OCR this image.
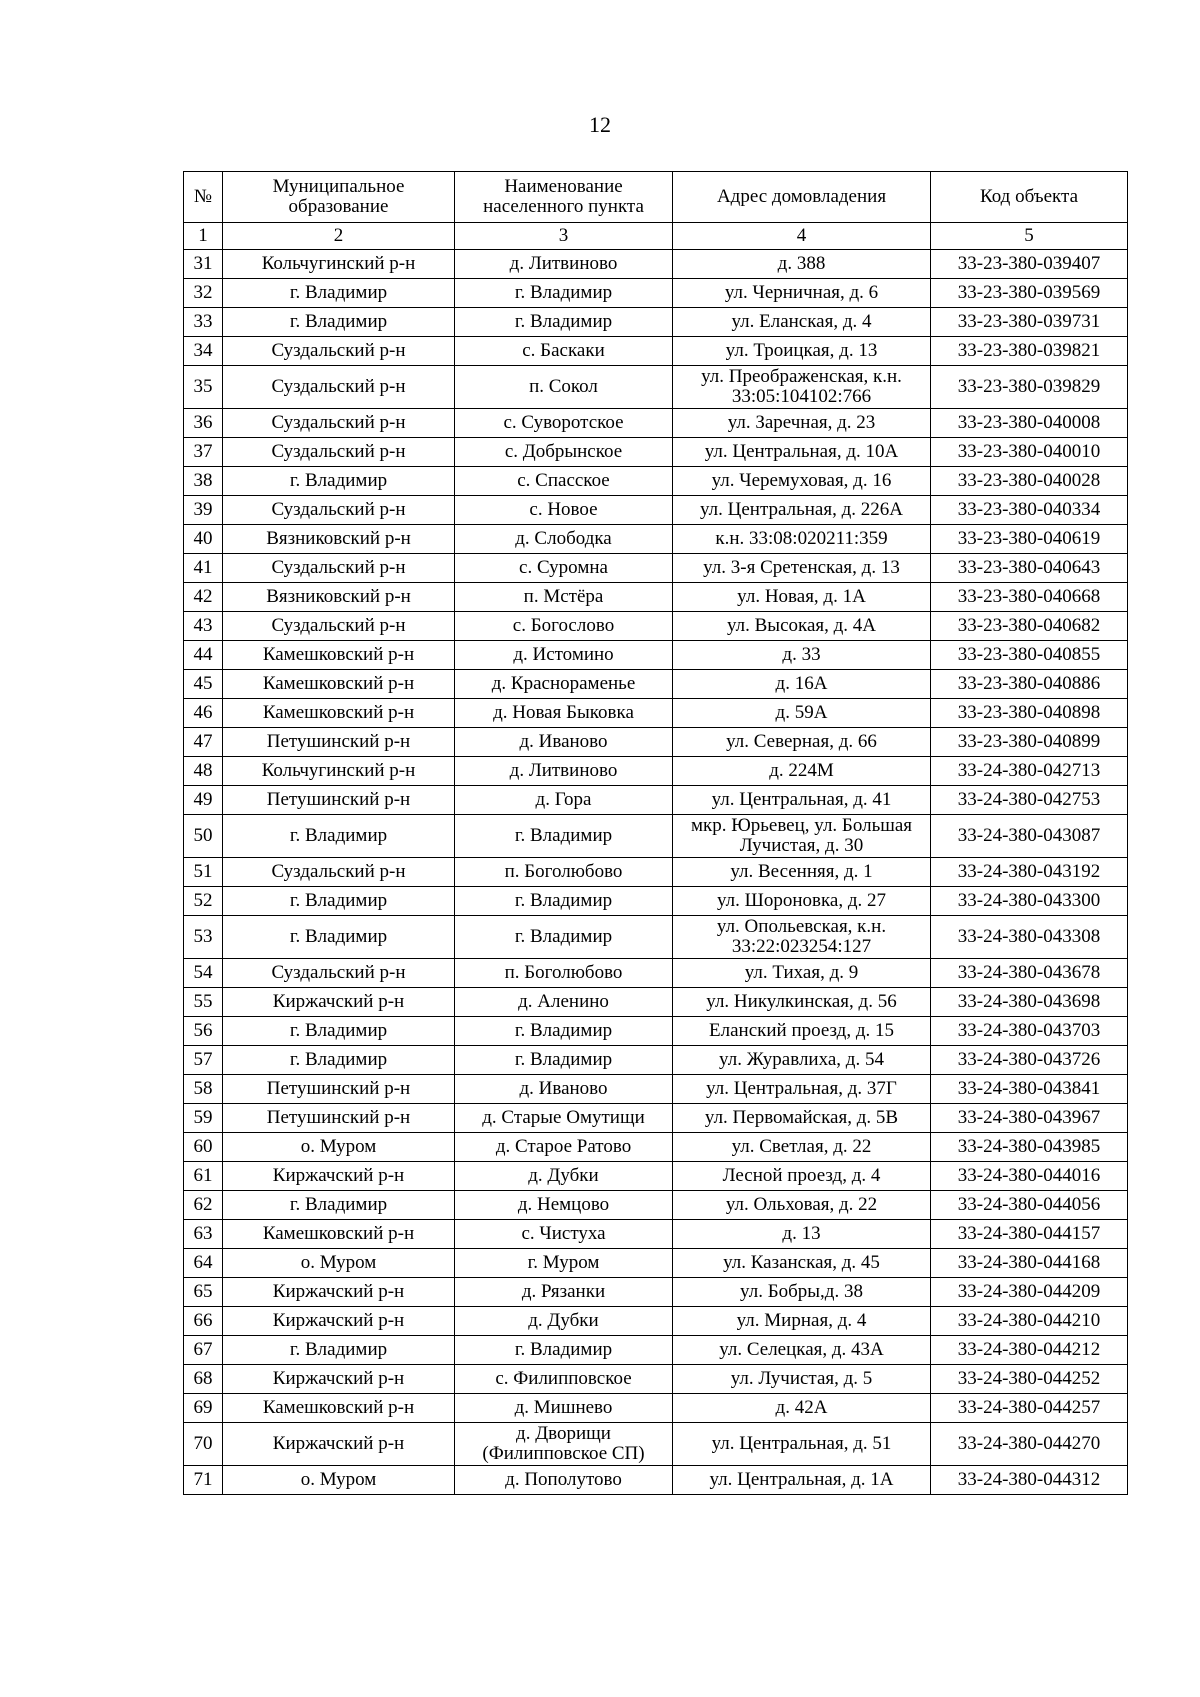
12
№	Муниципальное образование	Наименование населенного пункта	Адрес домовладения	Код объекта
1	2	3	4	5
31	Кольчугинский р-н	д. Литвиново	д. 388	33-23-380-039407
32	г. Владимир	г. Владимир	ул. Черничная, д. 6	33-23-380-039569
33	г. Владимир	г. Владимир	ул. Еланская, д. 4	33-23-380-039731
34	Суздальский р-н	с. Баскаки	ул. Троицкая, д. 13	33-23-380-039821
35	Суздальский р-н	п. Сокол	ул. Преображенская, к.н. 33:05:104102:766	33-23-380-039829
36	Суздальский р-н	с. Суворотское	ул. Заречная, д. 23	33-23-380-040008
37	Суздальский р-н	с. Добрынское	ул. Центральная, д. 10А	33-23-380-040010
38	г. Владимир	с. Спасское	ул. Черемуховая, д. 16	33-23-380-040028
39	Суздальский р-н	с. Новое	ул. Центральная, д. 226А	33-23-380-040334
40	Вязниковский р-н	д. Слободка	к.н. 33:08:020211:359	33-23-380-040619
41	Суздальский р-н	с. Суромна	ул. 3-я Сретенская, д. 13	33-23-380-040643
42	Вязниковский р-н	п. Мстёра	ул. Новая, д. 1А	33-23-380-040668
43	Суздальский р-н	с. Богослово	ул. Высокая, д. 4А	33-23-380-040682
44	Камешковский р-н	д. Истомино	д. 33	33-23-380-040855
45	Камешковский р-н	д. Краснораменье	д. 16А	33-23-380-040886
46	Камешковский р-н	д. Новая Быковка	д. 59А	33-23-380-040898
47	Петушинский р-н	д. Иваново	ул. Северная, д. 66	33-23-380-040899
48	Кольчугинский р-н	д. Литвиново	д. 224М	33-24-380-042713
49	Петушинский р-н	д. Гора	ул. Центральная, д. 41	33-24-380-042753
50	г. Владимир	г. Владимир	мкр. Юрьевец, ул. Большая Лучистая, д. 30	33-24-380-043087
51	Суздальский р-н	п. Боголюбово	ул. Весенняя, д. 1	33-24-380-043192
52	г. Владимир	г. Владимир	ул. Шороновка, д. 27	33-24-380-043300
53	г. Владимир	г. Владимир	ул. Опольевская, к.н. 33:22:023254:127	33-24-380-043308
54	Суздальский р-н	п. Боголюбово	ул. Тихая, д. 9	33-24-380-043678
55	Киржачский р-н	д. Аленино	ул. Никулкинская, д. 56	33-24-380-043698
56	г. Владимир	г. Владимир	Еланский проезд, д. 15	33-24-380-043703
57	г. Владимир	г. Владимир	ул. Журавлиха, д. 54	33-24-380-043726
58	Петушинский р-н	д. Иваново	ул. Центральная, д. 37Г	33-24-380-043841
59	Петушинский р-н	д. Старые Омутищи	ул. Первомайская, д. 5В	33-24-380-043967
60	о. Муром	д. Старое Ратово	ул. Светлая, д. 22	33-24-380-043985
61	Киржачский р-н	д. Дубки	Лесной проезд, д. 4	33-24-380-044016
62	г. Владимир	д. Немцово	ул. Ольховая, д. 22	33-24-380-044056
63	Камешковский р-н	с. Чистуха	д. 13	33-24-380-044157
64	о. Муром	г. Муром	ул. Казанская, д. 45	33-24-380-044168
65	Киржачский р-н	д. Рязанки	ул. Бобры,д. 38	33-24-380-044209
66	Киржачский р-н	д. Дубки	ул. Мирная, д. 4	33-24-380-044210
67	г. Владимир	г. Владимир	ул. Селецкая, д. 43А	33-24-380-044212
68	Киржачский р-н	с. Филипповское	ул. Лучистая, д. 5	33-24-380-044252
69	Камешковский р-н	д. Мишнево	д. 42А	33-24-380-044257
70	Киржачский р-н	д. Дворищи (Филипповское СП)	ул. Центральная, д. 51	33-24-380-044270
71	о. Муром	д. Пополутово	ул. Центральная, д. 1А	33-24-380-044312
